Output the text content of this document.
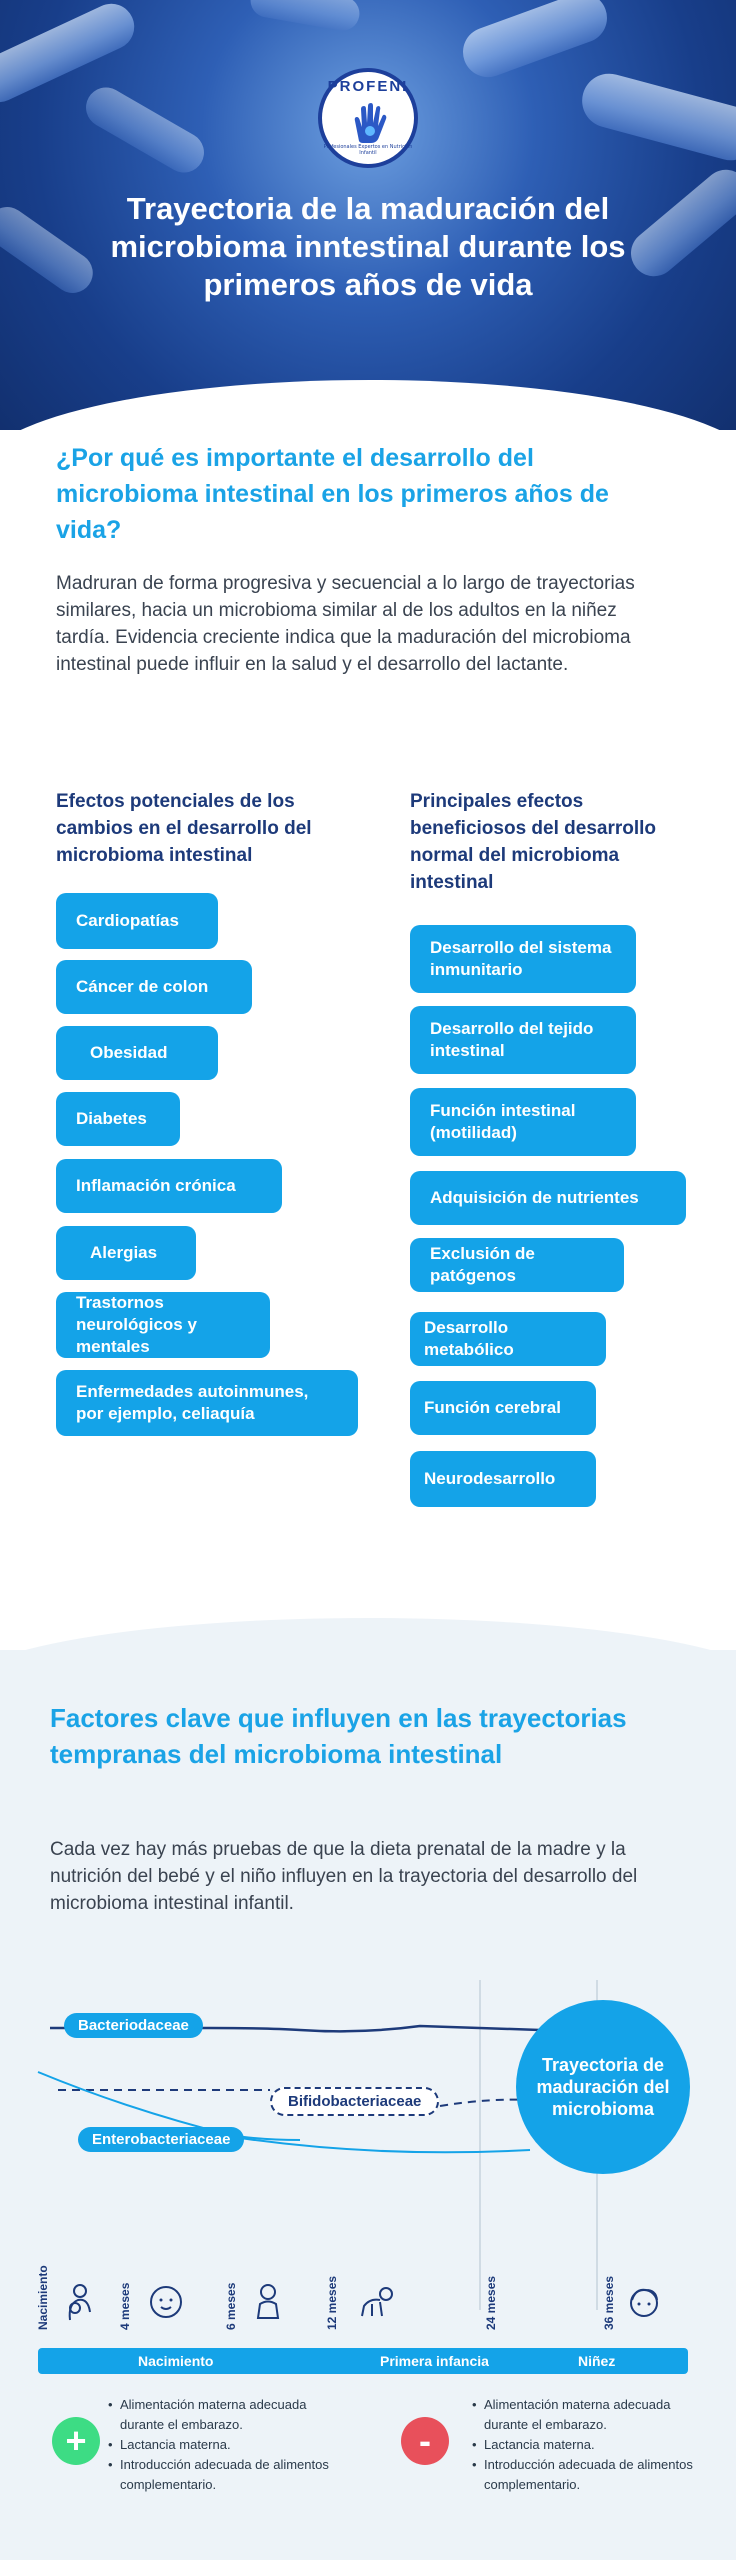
PROFENI
Profesionales Expertos en Nutrición Infantil
Trayectoria de la maduración del microbioma inntestinal durante los primeros años de vida
¿Por qué es importante el desarrollo del microbioma intestinal en los primeros años de vida?
Madruran de forma progresiva y secuencial a lo largo de trayectorias similares, hacia un microbioma similar al de los adultos en la niñez tardía. Evidencia creciente indica que la maduración del microbioma intestinal puede influir en la salud y el desarrollo del lactante.
Efectos potenciales de los cambios en el desarrollo del microbioma intestinal
Principales efectos beneficiosos del desarrollo normal del microbioma intestinal
Cardiopatías
Cáncer de colon
Obesidad
Diabetes
Inflamación crónica
Alergias
Trastornos neurológicos y mentales
Enfermedades autoinmunes, por ejemplo, celiaquía
Desarrollo del sistema inmunitario
Desarrollo del tejido intestinal
Función intestinal (motilidad)
Adquisición de nutrientes
Exclusión de patógenos
Desarrollo metabólico
Función cerebral
Neurodesarrollo
Factores clave que influyen en las trayectorias tempranas del microbioma intestinal
Cada vez hay más pruebas de que la dieta prenatal de la madre y la nutrición del bebé y el niño influyen en la trayectoria del desarrollo del microbioma intestinal infantil.
Bacteriodaceae
Bifidobacteriaceae
Enterobacteriaceae
Trayectoria de maduración del microbioma
Nacimiento	4 meses	6 meses	12 meses	24 meses	36 meses
Nacimiento	Primera infancia	Niñez
+
• Alimentación materna adecuada durante el embarazo.
• Lactancia materna.
• Introducción adecuada de alimentos complementario.
-
• Alimentación materna adecuada durante el embarazo.
• Lactancia materna.
• Introducción adecuada de alimentos complementario.
